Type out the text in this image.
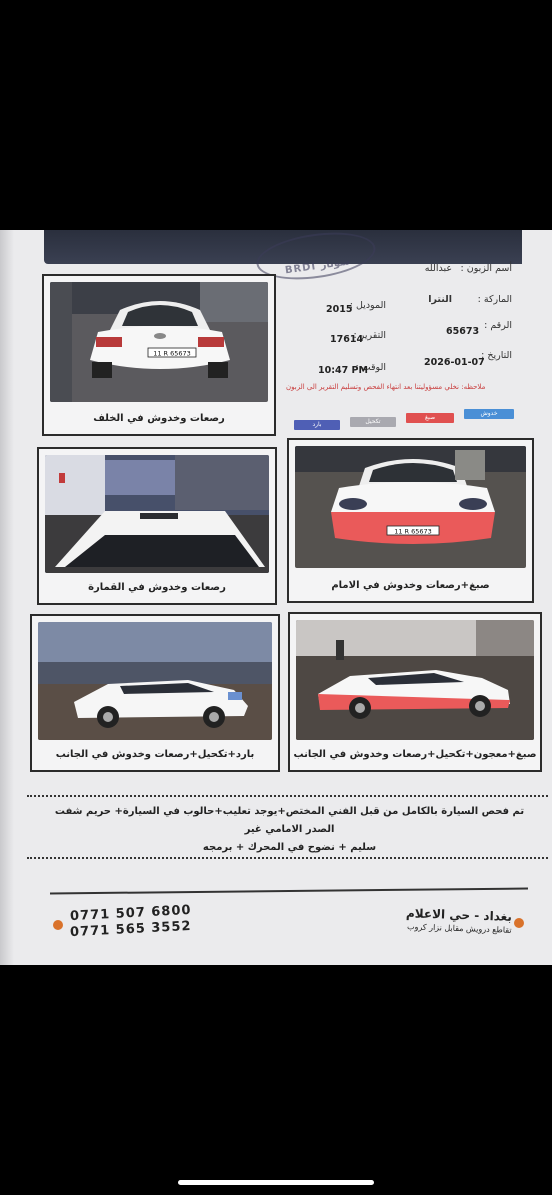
BRDI سونار
11 R 65673
رصعات وخدوش في الخلف
أسم الزبون :
عبدالله
الماركة :
النترا
الموديل :
2015
الرقم :
65673
التقرير :
17614
التاريخ :
2026-01-07
الوقت :
10:47 PM
ملاحظه: نخلي مسؤوليتنا بعد انتهاء الفحص وتسليم التقرير الى الزبون
خدوش
صبغ
تكحيل
بارد
رصعات وخدوش في القمارة
11 R 65673
صبغ+رصعات وخدوش في الامام
بارد+تكحيل+رصعات وخدوش في الجانب	صبغ+معجون+تكحيل+رصعات وخدوش في الجانب
تم فحص السيارة بالكامل من قبل الفني المختص+يوجد تعليب+حالوب في السيارة+ حريم شفت الصدر الامامي غير
سليم + نضوح في المحرك + برمجه
0771 507 6800
0771 565 3552
بغداد - حي الاعلام
تقاطع درويش مقابل نزار كروب
